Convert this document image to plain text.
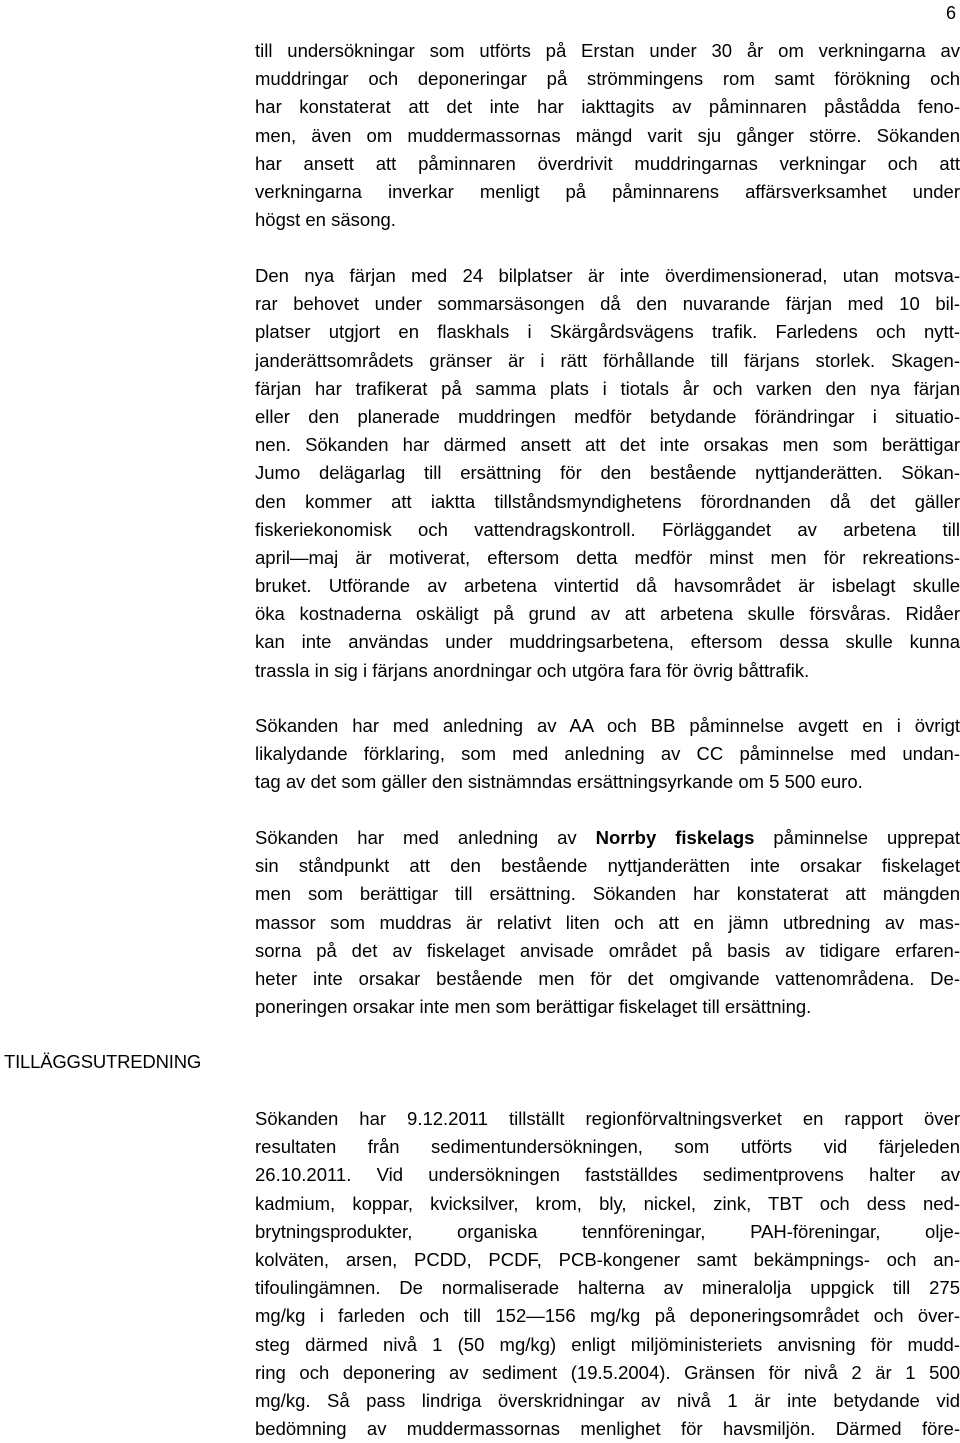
6
till undersökningar som utförts på Erstan under 30 år om verkningarna av
muddringar och deponeringar på strömmingens rom samt förökning och
har konstaterat att det inte har iakttagits av påminnaren påstådda feno-
men, även om muddermassornas mängd varit sju gånger större. Sökanden
har ansett att påminnaren överdrivit muddringarnas verkningar och att
verkningarna inverkar menligt på påminnarens affärsverksamhet under
högst en säsong.
Den nya färjan med 24 bilplatser är inte överdimensionerad, utan motsva-
rar behovet under sommarsäsongen då den nuvarande färjan med 10 bil-
platser utgjort en flaskhals i Skärgårdsvägens trafik. Farledens och nytt-
janderättsområdets gränser är i rätt förhållande till färjans storlek. Skagen-
färjan har trafikerat på samma plats i tiotals år och varken den nya färjan
eller den planerade muddringen medför betydande förändringar i situatio-
nen. Sökanden har därmed ansett att det inte orsakas men som berättigar
Jumo delägarlag till ersättning för den bestående nyttjanderätten. Sökan-
den kommer att iaktta tillståndsmyndighetens förordnanden då det gäller
fiskeriekonomisk och vattendragskontroll. Förläggandet av arbetena till
april—maj är motiverat, eftersom detta medför minst men för rekreations-
bruket. Utförande av arbetena vintertid då havsområdet är isbelagt skulle
öka kostnaderna oskäligt på grund av att arbetena skulle försvåras. Ridåer
kan inte användas under muddringsarbetena, eftersom dessa skulle kunna
trassla in sig i färjans anordningar och utgöra fara för övrig båttrafik.
Sökanden har med anledning av AA och BB påminnelse avgett en i övrigt
likalydande förklaring, som med anledning av CC påminnelse med undan-
tag av det som gäller den sistnämndas ersättningsyrkande om 5 500 euro.
Sökanden har med anledning av Norrby fiskelags påminnelse upprepat
sin ståndpunkt att den bestående nyttjanderätten inte orsakar fiskelaget
men som berättigar till ersättning. Sökanden har konstaterat att mängden
massor som muddras är relativt liten och att en jämn utbredning av mas-
sorna på det av fiskelaget anvisade området på basis av tidigare erfaren-
heter inte orsakar bestående men för det omgivande vattenområdena. De-
poneringen orsakar inte men som berättigar fiskelaget till ersättning.
TILLÄGGSUTREDNING
Sökanden har 9.12.2011 tillställt regionförvaltningsverket en rapport över
resultaten från sedimentundersökningen, som utförts vid färjeleden
26.10.2011. Vid undersökningen fastställdes sedimentprovens halter av
kadmium, koppar, kvicksilver, krom, bly, nickel, zink, TBT och dess ned-
brytningsprodukter, organiska tennföreningar, PAH-föreningar, olje-
kolväten, arsen, PCDD, PCDF, PCB-kongener samt bekämpnings- och an-
tifoulingämnen. De normaliserade halterna av mineralolja uppgick till 275
mg/kg i farleden och till 152—156 mg/kg på deponeringsområdet och över-
steg därmed nivå 1 (50 mg/kg) enligt miljöministeriets anvisning för mudd-
ring och deponering av sediment (19.5.2004). Gränsen för nivå 2 är 1 500
mg/kg. Så pass lindriga överskridningar av nivå 1 är inte betydande vid
bedömning av muddermassornas menlighet för havsmiljön. Därmed före-
